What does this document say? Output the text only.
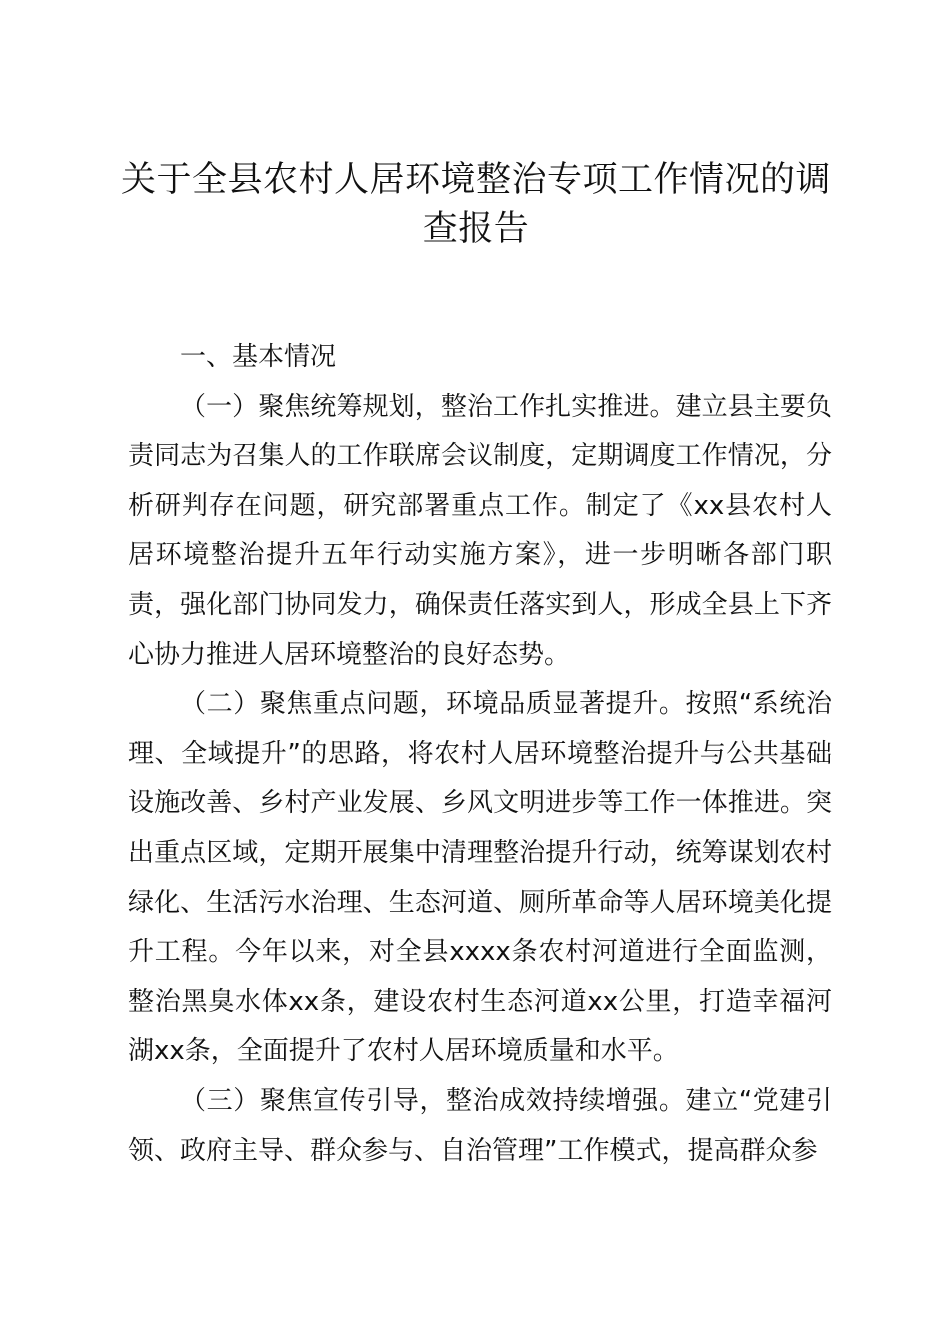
关于全县农村人居环境整治专项工作情况的调查报告

一、基本情况

（一）聚焦统筹规划，整治工作扎实推进。建立县主要负责同志为召集人的工作联席会议制度，定期调度工作情况，分析研判存在问题，研究部署重点工作。制定了《xx县农村人居环境整治提升五年行动实施方案》，进一步明晰各部门职责，强化部门协同发力，确保责任落实到人，形成全县上下齐心协力推进人居环境整治的良好态势。

（二）聚焦重点问题，环境品质显著提升。按照“系统治理、全域提升”的思路，将农村人居环境整治提升与公共基础设施改善、乡村产业发展、乡风文明进步等工作一体推进。突出重点区域，定期开展集中清理整治提升行动，统筹谋划农村绿化、生活污水治理、生态河道、厕所革命等人居环境美化提升工程。今年以来，对全县xxxx条农村河道进行全面监测，整治黑臭水体xx条，建设农村生态河道xx公里，打造幸福河湖xx条，全面提升了农村人居环境质量和水平。

（三）聚焦宣传引导，整治成效持续增强。建立“党建引领、政府主导、群众参与、自治管理”工作模式，提高群众参
